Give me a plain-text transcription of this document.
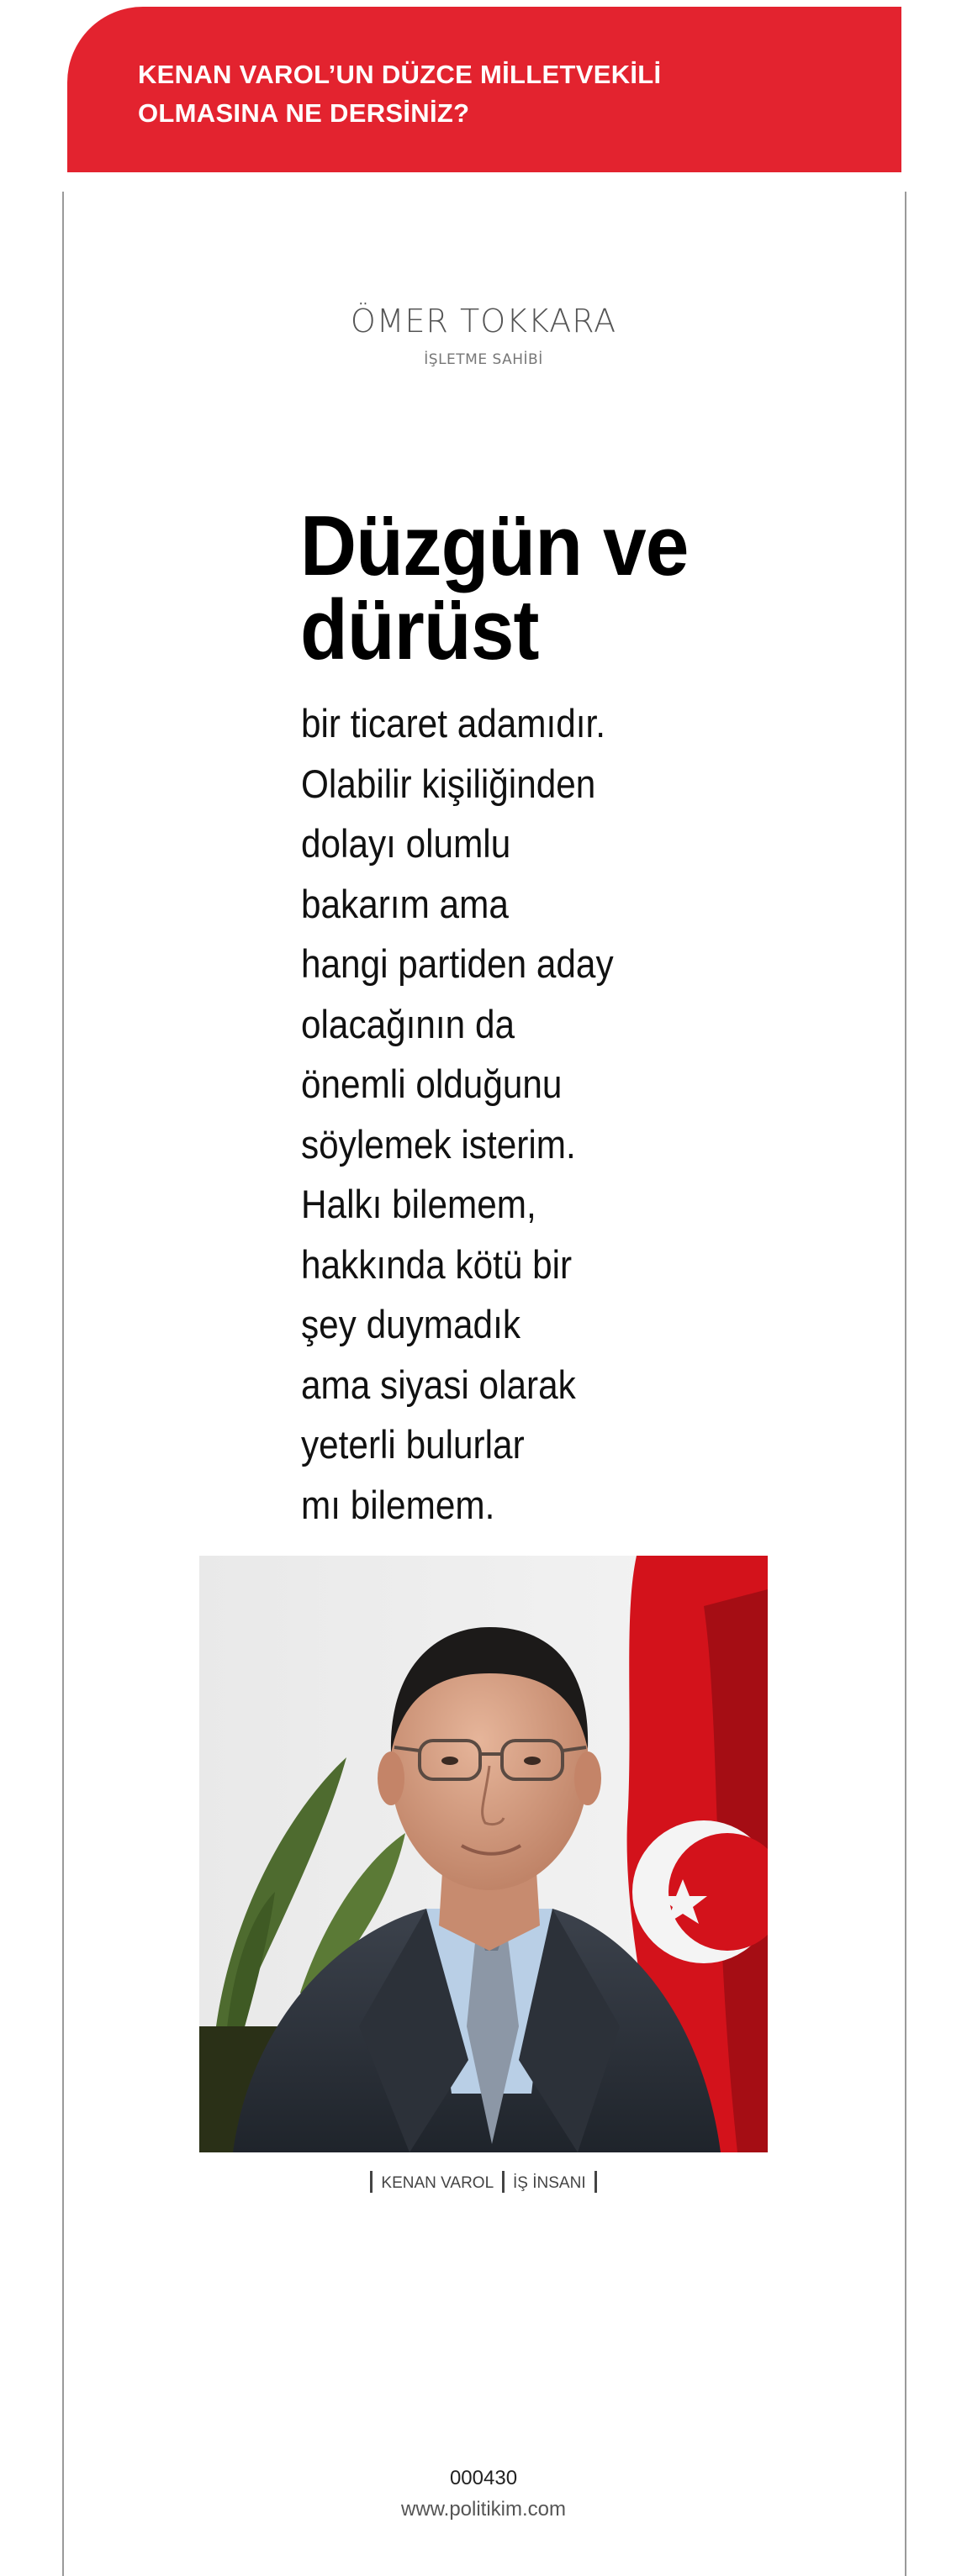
KENAN VAROL’UN DÜZCE MİLLETVEKİLİ
OLMASINA NE DERSİNİZ?
ÖMER TOKKARA
İŞLETME SAHİBİ
Düzgün ve
dürüst
bir ticaret adamıdır.
Olabilir kişiliğinden
dolayı olumlu
bakarım ama
hangi partiden aday
olacağının da
önemli olduğunu
söylemek isterim.
Halkı bilemem,
hakkında kötü bir
şey duymadık
ama siyasi olarak
yeterli bulurlar
mı bilemem.
KENAN VAROL İŞ İNSANI
000430
www.politikim.com
